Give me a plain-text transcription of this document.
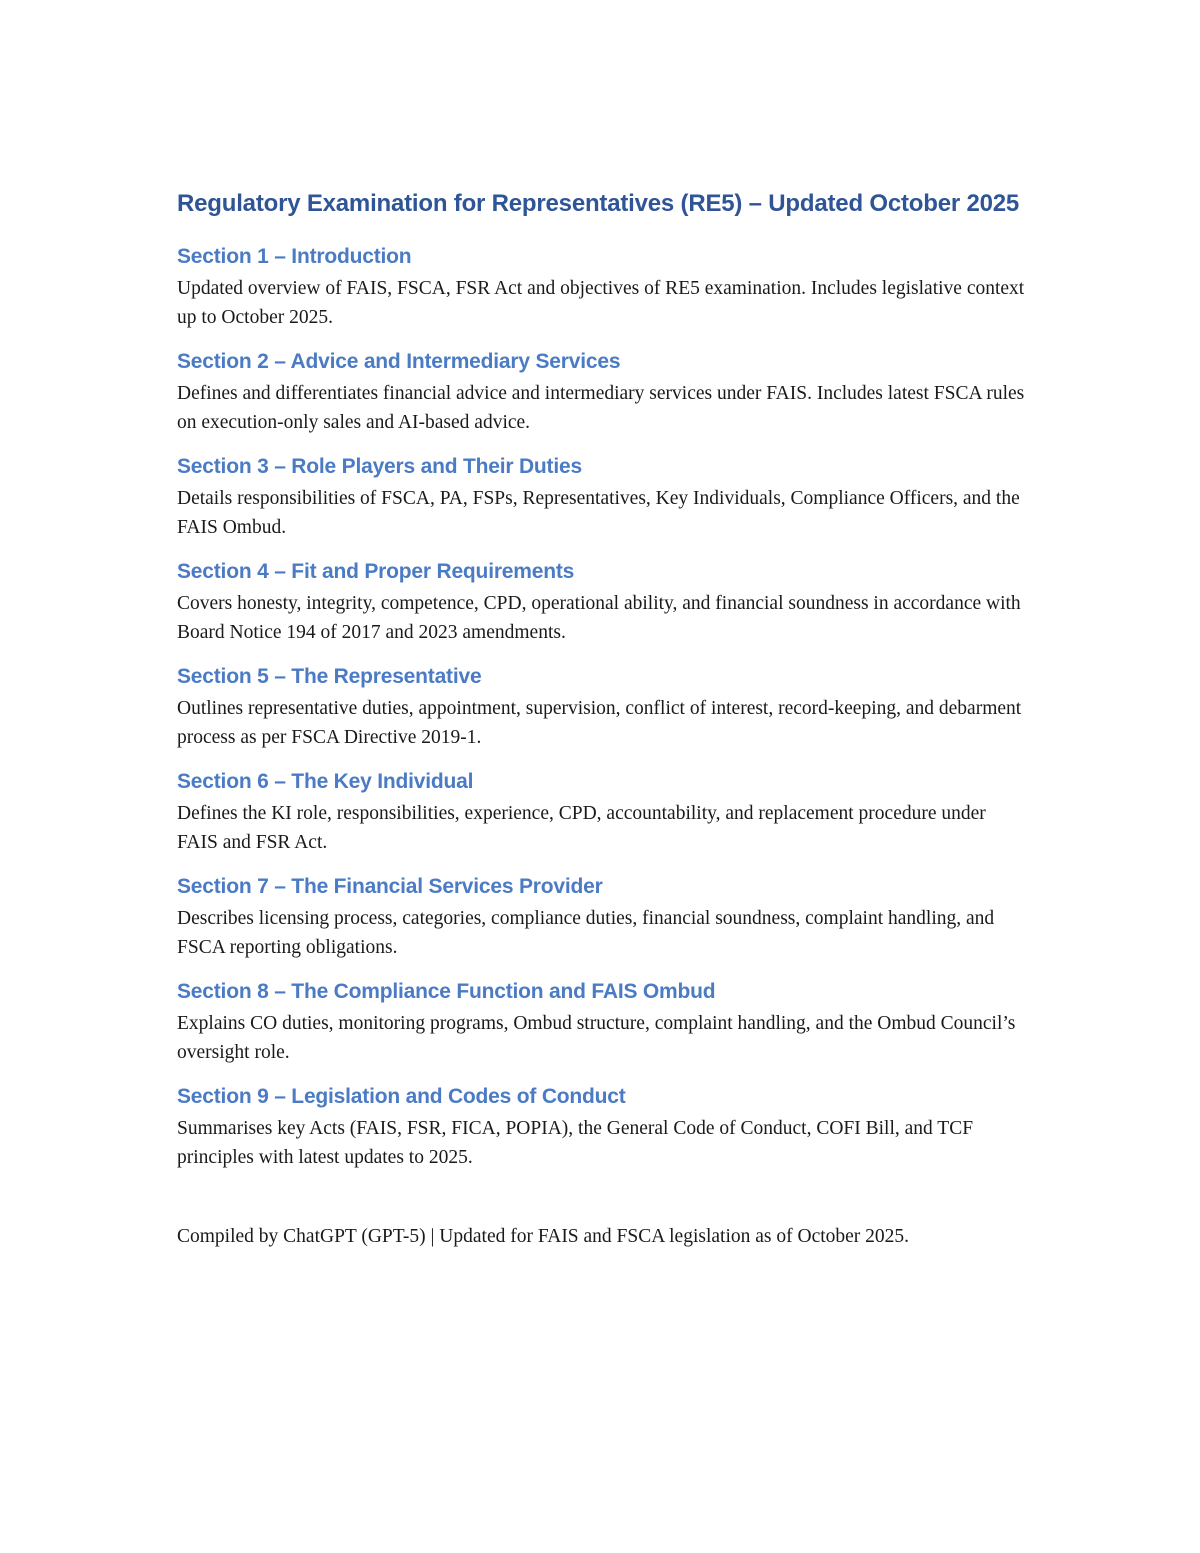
Regulatory Examination for Representatives (RE5) – Updated October 2025
Section 1 – Introduction

Updated overview of FAIS, FSCA, FSR Act and objectives of RE5 examination. Includes legislative context up to October 2025.

Section 2 – Advice and Intermediary Services

Defines and differentiates financial advice and intermediary services under FAIS. Includes latest FSCA rules on execution-only sales and AI-based advice.

Section 3 – Role Players and Their Duties

Details responsibilities of FSCA, PA, FSPs, Representatives, Key Individuals, Compliance Officers, and the FAIS Ombud.

Section 4 – Fit and Proper Requirements

Covers honesty, integrity, competence, CPD, operational ability, and financial soundness in accordance with Board Notice 194 of 2017 and 2023 amendments.

Section 5 – The Representative

Outlines representative duties, appointment, supervision, conflict of interest, record-keeping, and debarment process as per FSCA Directive 2019-1.

Section 6 – The Key Individual

Defines the KI role, responsibilities, experience, CPD, accountability, and replacement procedure under FAIS and FSR Act.

Section 7 – The Financial Services Provider

Describes licensing process, categories, compliance duties, financial soundness, complaint handling, and FSCA reporting obligations.

Section 8 – The Compliance Function and FAIS Ombud

Explains CO duties, monitoring programs, Ombud structure, complaint handling, and the Ombud Council’s oversight role.

Section 9 – Legislation and Codes of Conduct

Summarises key Acts (FAIS, FSR, FICA, POPIA), the General Code of Conduct, COFI Bill, and TCF principles with latest updates to 2025.

Compiled by ChatGPT (GPT-5) | Updated for FAIS and FSCA legislation as of October 2025.
